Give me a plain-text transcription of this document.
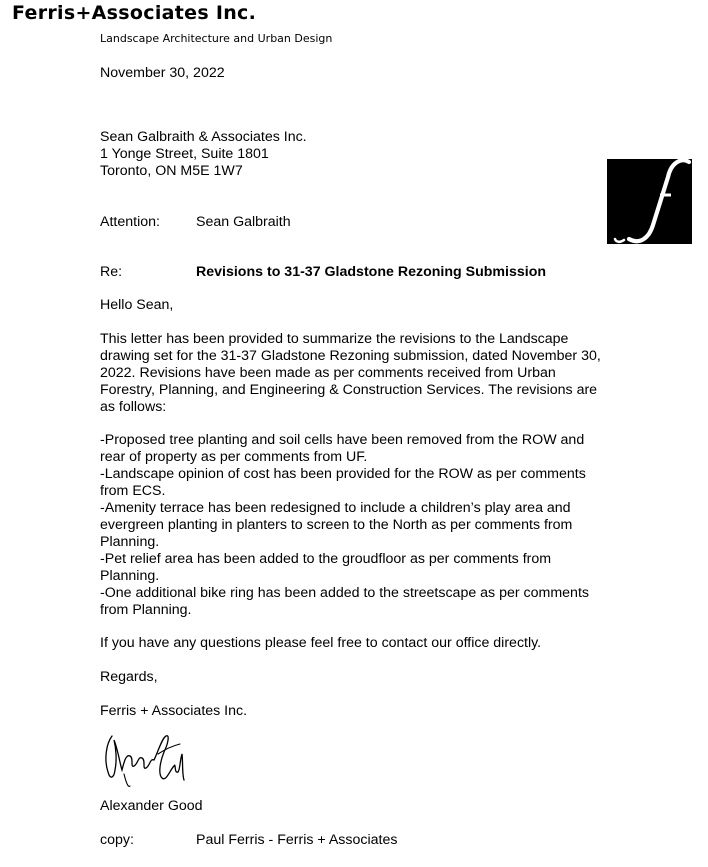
Ferris+Associates Inc.
Landscape Architecture and Urban Design
November 30, 2022
Sean Galbraith & Associates Inc.
1 Yonge Street, Suite 1801
Toronto, ON M5E 1W7
Attention:	Sean Galbraith
Re:	Revisions to 31-37 Gladstone Rezoning Submission
Hello Sean,
This letter has been provided to summarize the revisions to the Landscape
drawing set for the 31-37 Gladstone Rezoning submission, dated November 30,
2022. Revisions have been made as per comments received from Urban
Forestry, Planning, and Engineering & Construction Services. The revisions are
as follows:
-Proposed tree planting and soil cells have been removed from the ROW and
rear of property as per comments from UF.
-Landscape opinion of cost has been provided for the ROW as per comments
from ECS.
-Amenity terrace has been redesigned to include a children’s play area and
evergreen planting in planters to screen to the North as per comments from
Planning.
-Pet relief area has been added to the groudfloor as per comments from
Planning.
-One additional bike ring has been added to the streetscape as per comments
from Planning.
If you have any questions please feel free to contact our office directly.
Regards,
Ferris + Associates Inc.
Alexander Good
copy:	Paul Ferris - Ferris + Associates
